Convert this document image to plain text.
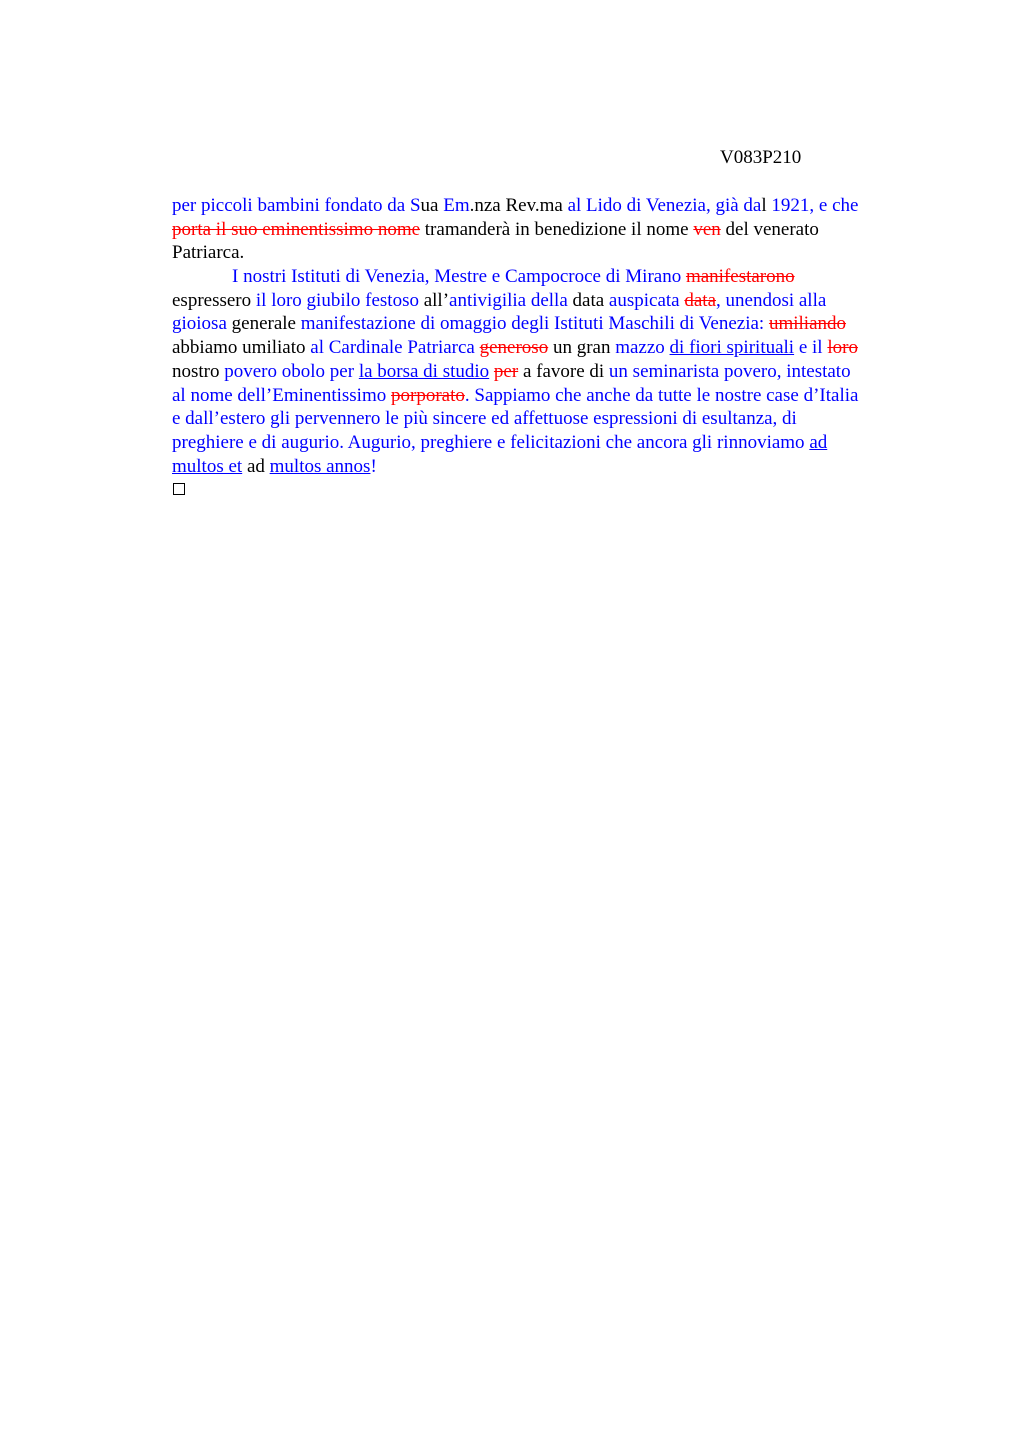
V083P210
per piccoli bambini fondato da Sua Em.nza Rev.ma al Lido di Venezia, già dal 1921, e che
porta il suo eminentissimo nome tramanderà in benedizione il nome ven del venerato
Patriarca.
I nostri Istituti di Venezia, Mestre e Campocroce di Mirano manifestarono
espressero il loro giubilo festoso all’antivigilia della data auspicata data, unendosi alla
gioiosa generale manifestazione di omaggio degli Istituti Maschili di Venezia: umiliando
abbiamo umiliato al Cardinale Patriarca generoso un gran mazzo di fiori spirituali e il loro
nostro povero obolo per la borsa di studio per a favore di un seminarista povero, intestato
al nome dell’Eminentissimo porporato. Sappiamo che anche da tutte le nostre case d’Italia
e dall’estero gli pervennero le più sincere ed affettuose espressioni di esultanza, di
preghiere e di augurio. Augurio, preghiere e felicitazioni che ancora gli rinnoviamo ad
multos et ad multos annos!
